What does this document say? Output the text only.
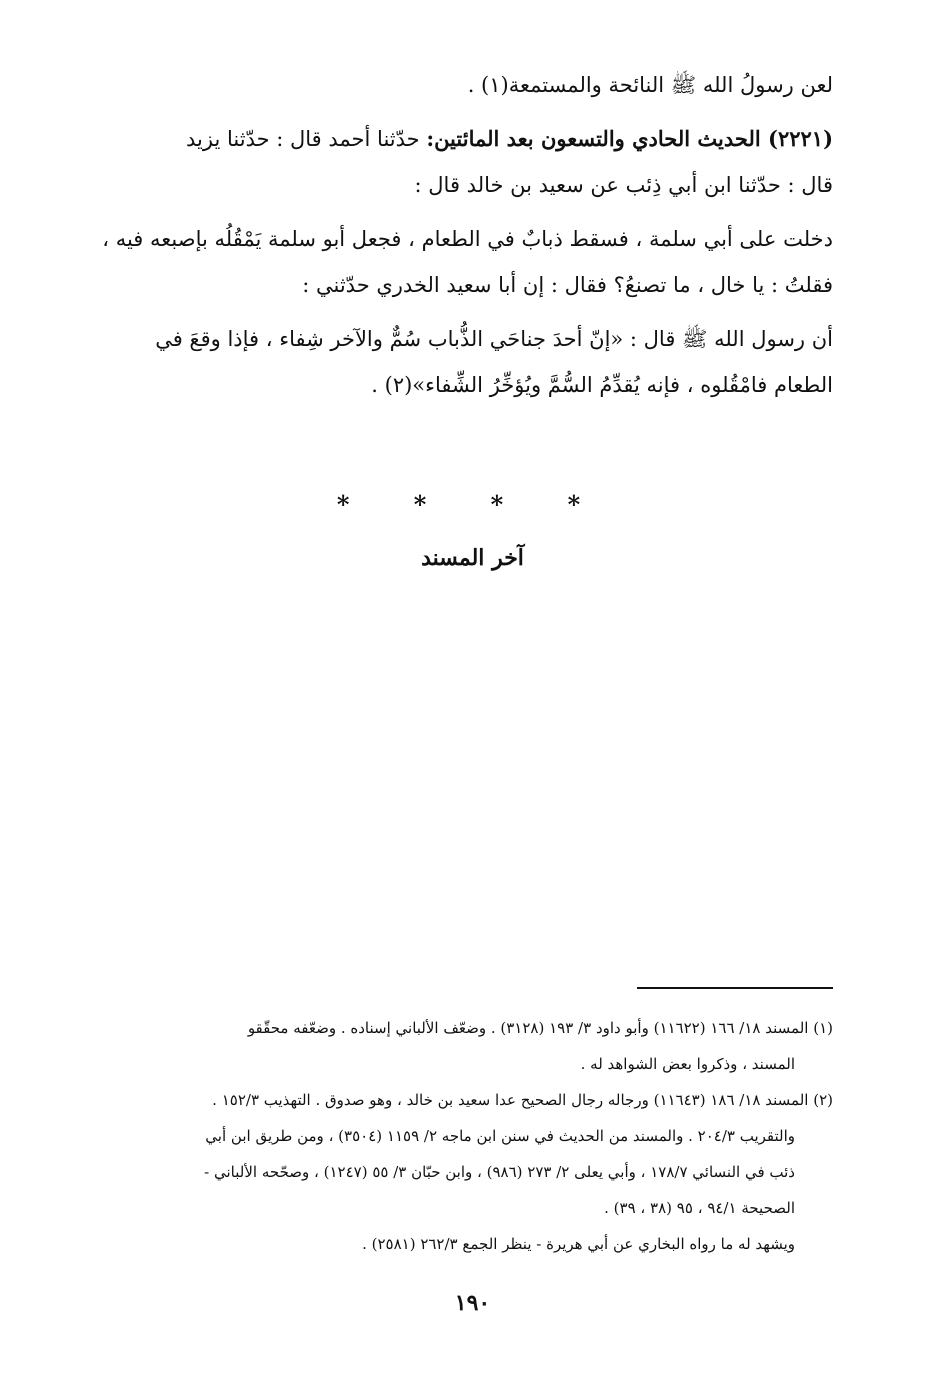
لعن رسولُ الله ﷺ النائحة والمستمعة(١) .
(٢٢٢١) الحديث الحادي والتسعون بعد المائتين: حدّثنا أحمد قال : حدّثنا يزيد
قال : حدّثنا ابن أبي ذِئب عن سعيد بن خالد قال :
دخلت على أبي سلمة ، فسقط ذبابٌ في الطعام ، فجعل أبو سلمة يَمْقُلُه بإصبعه فيه ،
فقلتُ : يا خال ، ما تصنعُ؟ فقال : إن أبا سعيد الخدري حدّثني :
أن رسول الله ﷺ قال : «إنّ أحدَ جناحَي الذُّباب سُمٌّ والآخر شِفاء ، فإذا وقعَ في
الطعام فامْقُلوه ، فإنه يُقدِّمُ السُّمَّ ويُؤخِّرُ الشِّفاء»(٢) .
* * * *
آخر المسند
(١) المسند ١٨/ ١٦٦ (١١٦٢٢) وأبو داود ٣/ ١٩٣ (٣١٢٨) . وضعّف الألباني إسناده . وضعّفه محقّقو
المسند ، وذكروا بعض الشواهد له .
(٢) المسند ١٨/ ١٨٦ (١١٦٤٣) ورجاله رجال الصحيح عدا سعيد بن خالد ، وهو صدوق . التهذيب ١٥٢/٣ .
والتقريب ٢٠٤/٣ . والمسند من الحديث في سنن ابن ماجه ٢/ ١١٥٩ (٣٥٠٤) ، ومن طريق ابن أبي
ذئب في النسائي ١٧٨/٧ ، وأبي يعلى ٢/ ٢٧٣ (٩٨٦) ، وابن حبّان ٣/ ٥٥ (١٢٤٧) ، وصحّحه الألباني -
الصحيحة ٩٤/١ ، ٩٥ (٣٨ ، ٣٩) .
ويشهد له ما رواه البخاري عن أبي هريرة - ينظر الجمع ٢٦٢/٣ (٢٥٨١) .
١٩٠
